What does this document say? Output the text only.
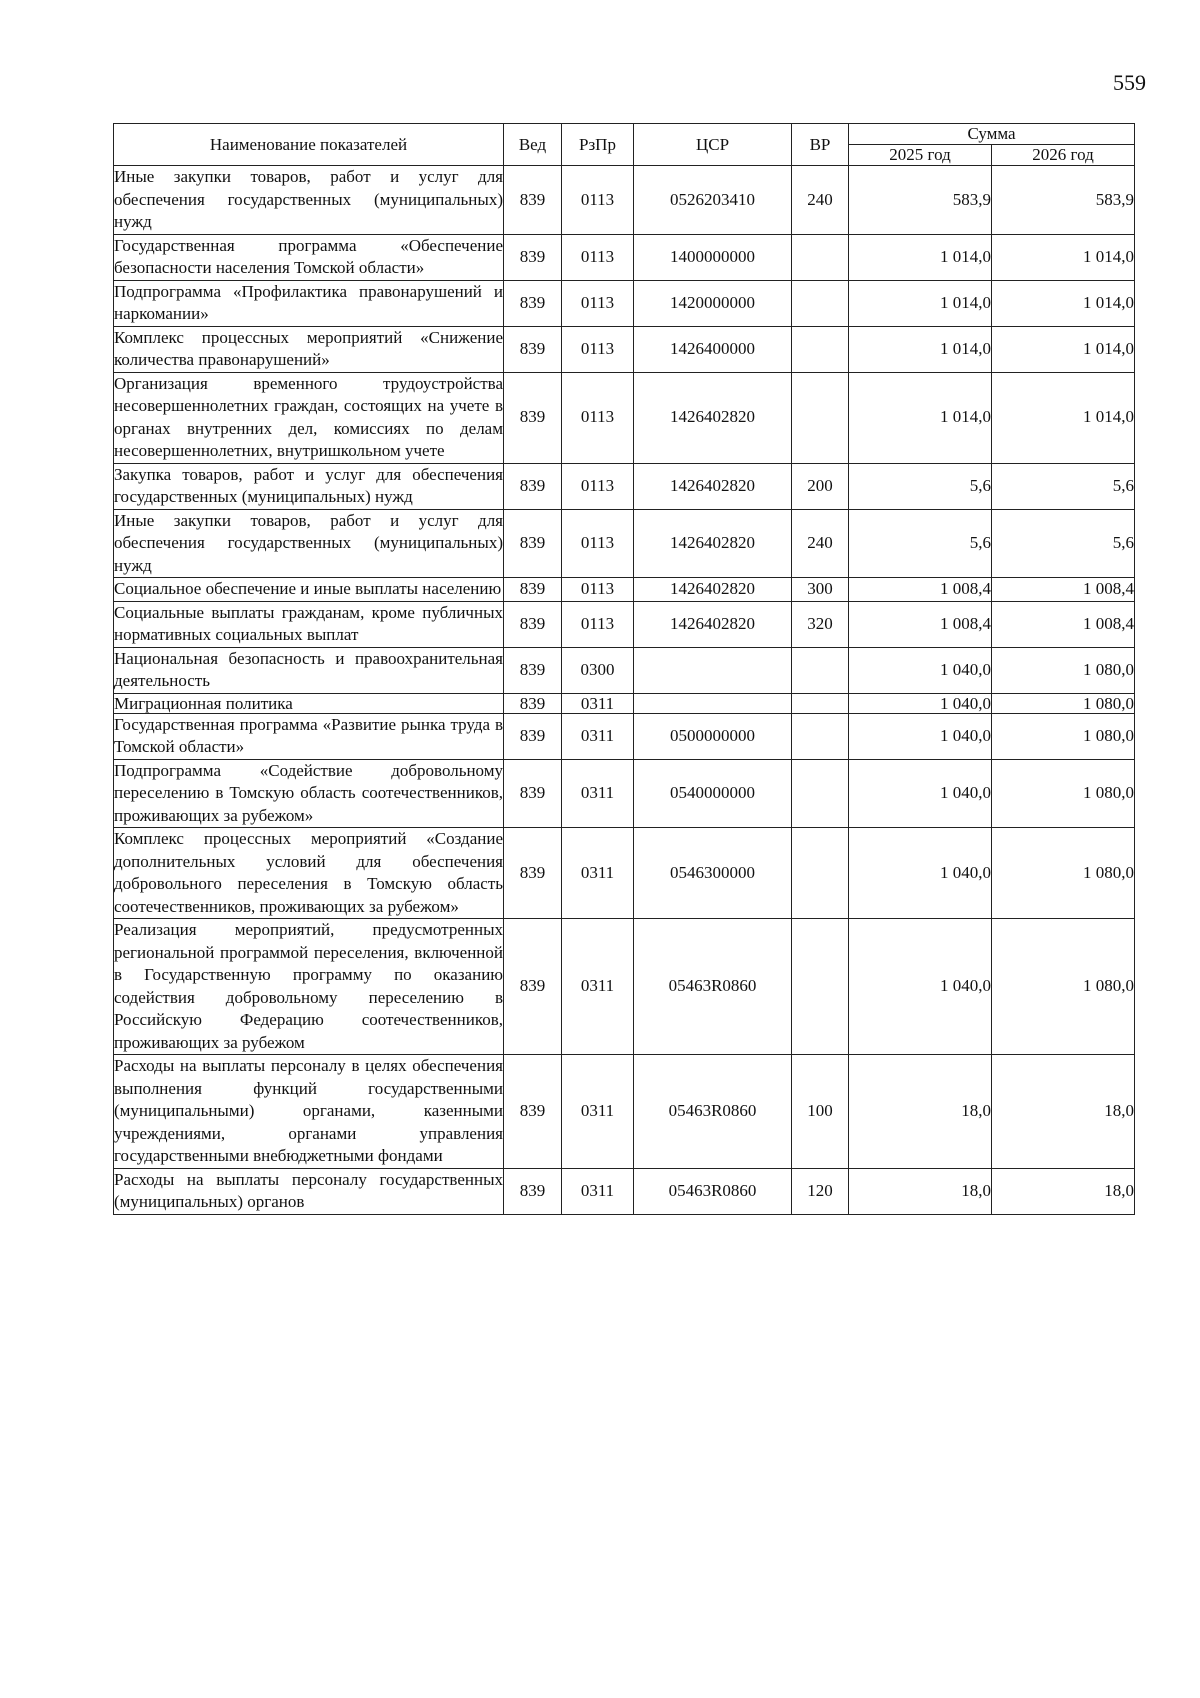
559
Наименование показателей	Вед	РзПр	ЦСР	ВР	Сумма	
					2025 год	2026 год
Иные закупки товаров, работ и услуг для обеспечения государственных (муниципальных) нужд	839	0113	0526203410	240	583,9	583,9
Государственная программа «Обеспечение безопасности населения Томской области»	839	0113	1400000000		1 014,0	1 014,0
Подпрограмма «Профилактика правонарушений и наркомании»	839	0113	1420000000		1 014,0	1 014,0
Комплекс процессных мероприятий «Снижение количества правонарушений»	839	0113	1426400000		1 014,0	1 014,0
Организация временного трудоустройства несовершеннолетних граждан, состоящих на учете в органах внутренних дел, комиссиях по делам несовершеннолетних, внутришкольном учете	839	0113	1426402820		1 014,0	1 014,0
Закупка товаров, работ и услуг для обеспечения государственных (муниципальных) нужд	839	0113	1426402820	200	5,6	5,6
Иные закупки товаров, работ и услуг для обеспечения государственных (муниципальных) нужд	839	0113	1426402820	240	5,6	5,6
Социальное обеспечение и иные выплаты населению	839	0113	1426402820	300	1 008,4	1 008,4
Социальные выплаты гражданам, кроме публичных нормативных социальных выплат	839	0113	1426402820	320	1 008,4	1 008,4
Национальная безопасность и правоохранительная деятельность	839	0300			1 040,0	1 080,0
Миграционная политика	839	0311			1 040,0	1 080,0
Государственная программа «Развитие рынка труда в Томской области»	839	0311	0500000000		1 040,0	1 080,0
Подпрограмма «Содействие добровольному переселению в Томскую область соотечественников, проживающих за рубежом»	839	0311	0540000000		1 040,0	1 080,0
Комплекс процессных мероприятий «Создание дополнительных условий для обеспечения добровольного переселения в Томскую область соотечественников, проживающих за рубежом»	839	0311	0546300000		1 040,0	1 080,0
Реализация мероприятий, предусмотренных региональной программой переселения, включенной в Государственную программу по оказанию содействия добровольному переселению в Российскую Федерацию соотечественников, проживающих за рубежом	839	0311	05463R0860		1 040,0	1 080,0
Расходы на выплаты персоналу в целях обеспечения выполнения функций государственными (муниципальными) органами, казенными учреждениями, органами управления государственными внебюджетными фондами	839	0311	05463R0860	100	18,0	18,0
Расходы на выплаты персоналу государственных (муниципальных) органов	839	0311	05463R0860	120	18,0	18,0
